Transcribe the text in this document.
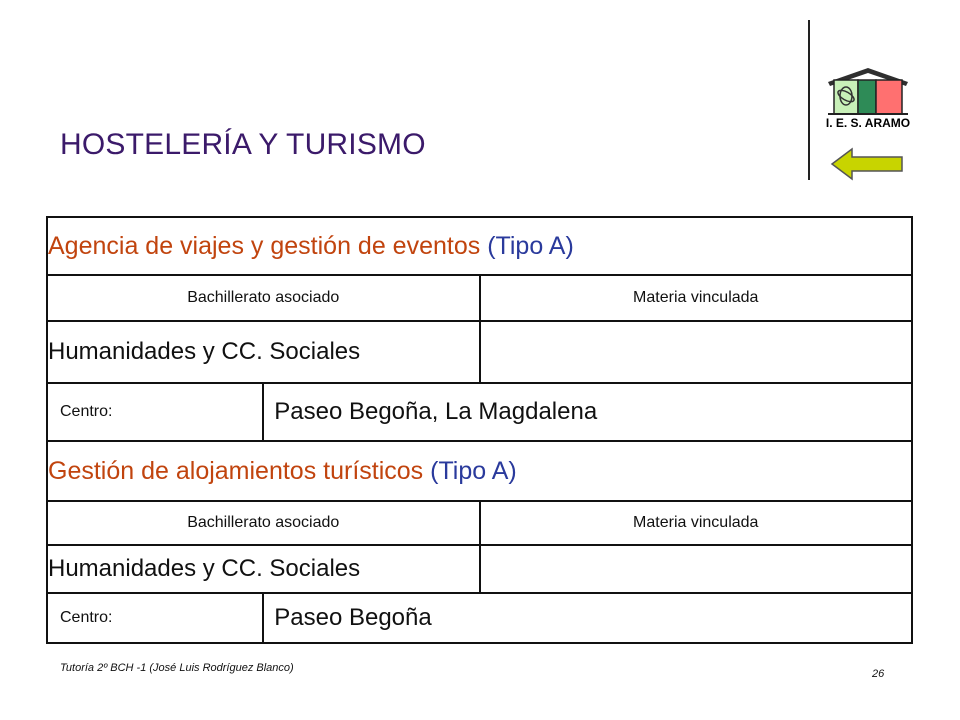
HOSTELERÍA Y TURISMO
I. E. S. ARAMO
Agencia de viajes y gestión de eventos (Tipo A)		
Bachillerato asociado		Materia vinculada
Humanidades y CC. Sociales		
Centro:	Paseo Begoña, La Magdalena	
Gestión de alojamientos turísticos (Tipo A)		
Bachillerato asociado		Materia vinculada
Humanidades y CC. Sociales		
Centro:	Paseo Begoña	
Tutoría 2º BCH -1 (José Luis Rodríguez Blanco)	26
